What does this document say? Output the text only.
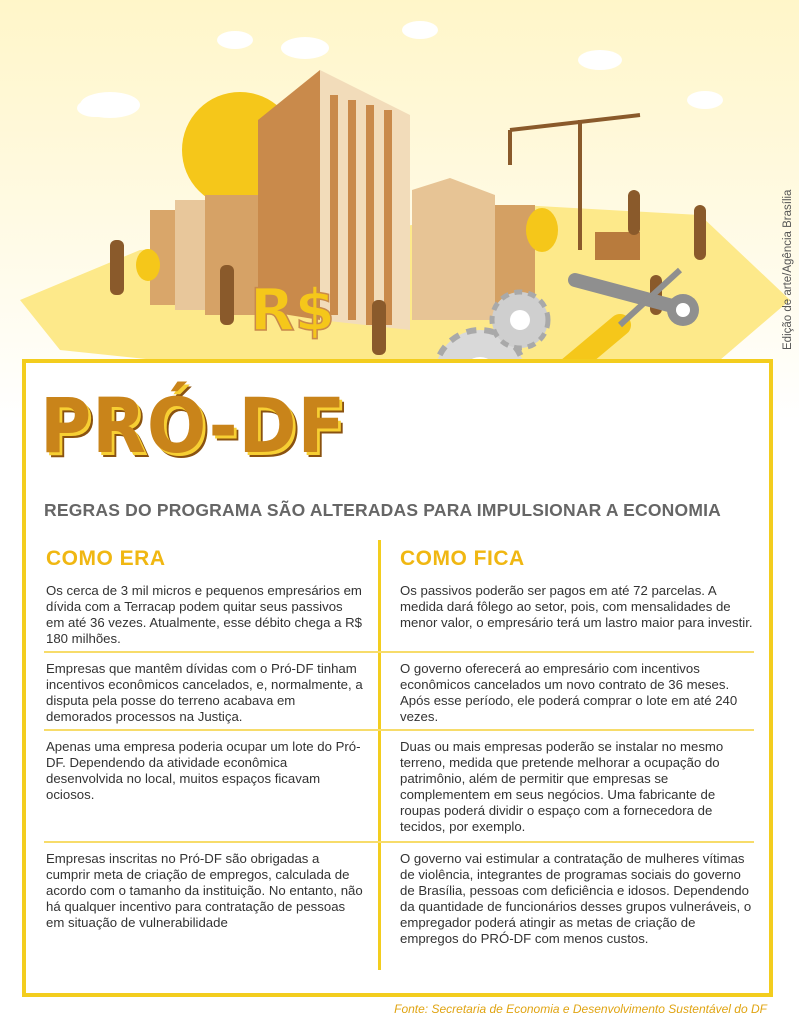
R$
PRÓ-DF

REGRAS DO PROGRAMA SÃO ALTERADAS PARA IMPULSIONAR A ECONOMIA

COMO ERA	COMO FICA

Os cerca de 3 mil micros e pequenos empresários em dívida com a Terracap podem quitar seus passivos em até 36 vezes. Atualmente, esse débito chega a R$ 180 milhões.

Os passivos poderão ser pagos em até 72 parcelas. A medida dará fôlego ao setor, pois, com mensalidades de menor valor, o empresário terá um lastro maior para investir.

Empresas que mantêm dívidas com o Pró-DF tinham incentivos econômicos cancelados, e, normalmente, a disputa pela posse do terreno acabava em demorados processos na Justiça.

O governo oferecerá ao empresário com incentivos econômicos cancelados um novo contrato de 36 meses. Após esse período, ele poderá comprar o lote em até 240 vezes.

Apenas uma empresa poderia ocupar um lote do Pró-DF. Dependendo da atividade econômica desenvolvida no local, muitos espaços ficavam ociosos.

Duas ou mais empresas poderão se instalar no mesmo terreno, medida que pretende melhorar a ocupação do patrimônio, além de permitir que empresas se complementem em seus negócios. Uma fabricante de roupas poderá dividir o espaço com a fornecedora de tecidos, por exemplo.

Empresas inscritas no Pró-DF são obrigadas a cumprir meta de criação de empregos, calculada de acordo com o tamanho da instituição. No entanto, não há qualquer incentivo para contratação de pessoas em situação de vulnerabilidade

O governo vai estimular a contratação de mulheres vítimas de violência, integrantes de programas sociais do governo de Brasília, pessoas com deficiência e idosos. Dependendo da quantidade de funcionários desses grupos vulneráveis, o empregador poderá atingir as metas de criação de empregos do PRÓ-DF com menos custos.

Edição de arte/Agência Brasília

Fonte: Secretaria de Economia e Desenvolvimento Sustentável do DF
